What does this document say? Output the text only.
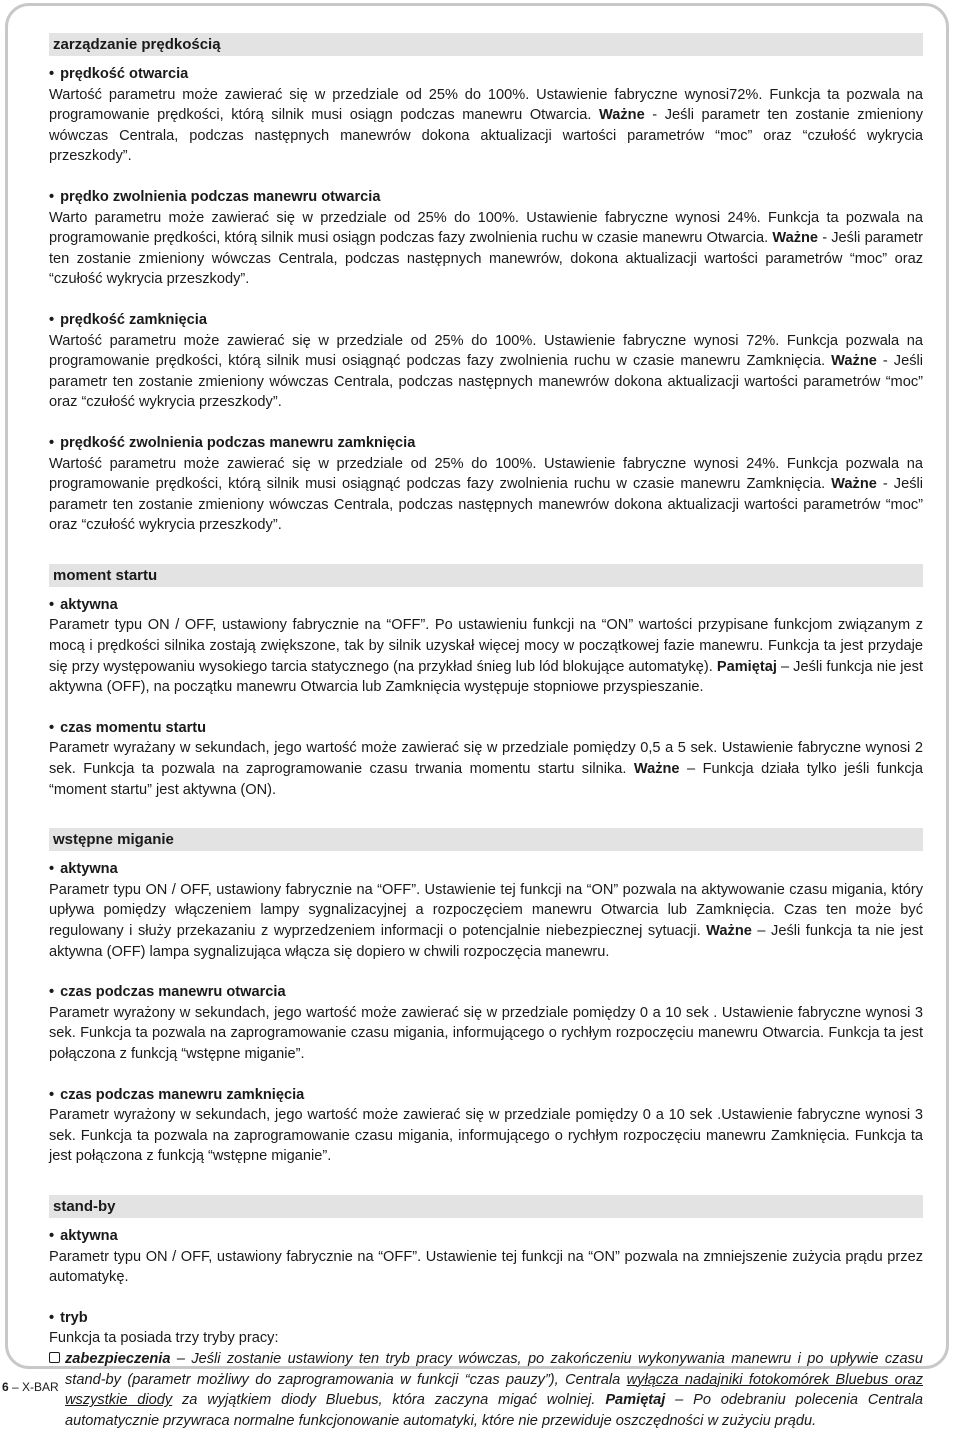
zarządzanie prędkością

• prędkość otwarcia

Wartość parametru może zawierać się w przedziale od 25% do 100%. Ustawienie fabryczne wynosi72%. Funkcja ta pozwala na programowanie prędkości, którą silnik musi osiągn podczas manewru Otwarcia. Ważne - Jeśli parametr ten zostanie zmieniony wówczas Centrala, podczas następnych manewrów dokona aktualizacji wartości parametrów “moc” oraz “czułość wykrycia przeszkody”.

• prędko zwolnienia podczas manewru otwarcia

Warto parametru może zawierać się w przedziale od 25% do 100%. Ustawienie fabryczne wynosi 24%. Funkcja ta pozwala na programowanie prędkości, którą silnik musi osiągn podczas fazy zwolnienia ruchu w czasie manewru Otwarcia. Ważne - Jeśli parametr ten zostanie zmieniony wówczas Centrala, podczas następnych manewrów, dokona aktualizacji wartości parametrów “moc” oraz “czułość wykrycia przeszkody”.

• prędkość zamknięcia

Wartość parametru może zawierać się w przedziale od 25% do 100%. Ustawienie fabryczne wynosi 72%. Funkcja pozwala na programowanie prędkości, którą silnik musi osiągnąć podczas fazy zwolnienia ruchu w czasie manewru Zamknięcia. Ważne - Jeśli parametr ten zostanie zmieniony wówczas Centrala, podczas następnych manewrów dokona aktualizacji wartości parametrów “moc” oraz “czułość wykrycia przeszkody”.

• prędkość zwolnienia podczas manewru zamknięcia

Wartość parametru może zawierać się w przedziale od 25% do 100%. Ustawienie fabryczne wynosi 24%. Funkcja pozwala na programowanie prędkości, którą silnik musi osiągnąć podczas fazy zwolnienia ruchu w czasie manewru Zamknięcia. Ważne - Jeśli parametr ten zostanie zmieniony wówczas Centrala, podczas następnych manewrów dokona aktualizacji wartości parametrów “moc” oraz “czułość wykrycia przeszkody”.

moment startu

• aktywna

Parametr typu ON / OFF, ustawiony fabrycznie na “OFF”. Po ustawieniu funkcji na “ON” wartości przypisane funkcjom związanym z mocą i prędkości silnika zostają zwiększone, tak by silnik uzyskał więcej mocy w początkowej fazie manewru. Funkcja ta jest przydaje się przy występowaniu wysokiego tarcia statycznego (na przykład śnieg lub lód blokujące automatykę). Pamiętaj – Jeśli funkcja nie jest aktywna (OFF), na początku manewru Otwarcia lub Zamknięcia występuje stopniowe przyspieszanie.

• czas momentu startu

Parametr wyrażany w sekundach, jego wartość może zawierać się w przedziale pomiędzy 0,5 a 5 sek. Ustawienie fabryczne wynosi 2 sek. Funkcja ta pozwala na zaprogramowanie czasu trwania momentu startu silnika. Ważne – Funkcja działa tylko jeśli funkcja “moment startu” jest aktywna (ON).

wstępne miganie

• aktywna

Parametr typu ON / OFF, ustawiony fabrycznie na “OFF”. Ustawienie tej funkcji na “ON” pozwala na aktywowanie czasu migania, który upływa pomiędzy włączeniem lampy sygnalizacyjnej a rozpoczęciem manewru Otwarcia lub Zamknięcia. Czas ten może być regulowany i służy przekazaniu z wyprzedzeniem informacji o potencjalnie niebezpiecznej sytuacji. Ważne – Jeśli funkcja ta nie jest aktywna (OFF) lampa sygnalizująca włącza się dopiero w chwili rozpoczęcia manewru.

• czas podczas manewru otwarcia

Parametr wyrażony w sekundach, jego wartość może zawierać się w przedziale pomiędzy 0 a 10 sek . Ustawienie fabryczne wynosi 3 sek. Funkcja ta pozwala na zaprogramowanie czasu migania, informującego o rychłym rozpoczęciu manewru Otwarcia. Funkcja ta jest połączona z funkcją “wstępne miganie”.

• czas podczas manewru zamknięcia

Parametr wyrażony w sekundach, jego wartość może zawierać się w przedziale pomiędzy 0 a 10 sek .Ustawienie fabryczne wynosi 3 sek. Funkcja ta pozwala na zaprogramowanie czasu migania, informującego o rychłym rozpoczęciu manewru Zamknięcia. Funkcja ta jest połączona z funkcją “wstępne miganie”.

stand-by

• aktywna

Parametr typu ON / OFF, ustawiony fabrycznie na “OFF”. Ustawienie tej funkcji na “ON” pozwala na zmniejszenie zużycia prądu przez automatykę.

• tryb

Funkcja ta posiada trzy tryby pracy:

zabezpieczenia – Jeśli zostanie ustawiony ten tryb pracy wówczas, po zakończeniu wykonywania manewru i po upływie czasu stand-by (parametr możliwy do zaprogramowania w funkcji “czas pauzy”), Centrala wyłącza nadajniki fotokomórek Bluebus oraz wszystkie diody za wyjątkiem diody Bluebus, która zaczyna migać wolniej. Pamiętaj – Po odebraniu polecenia Centrala automatycznie przywraca normalne funkcjonowanie automatyki, które nie przewiduje oszczędności w zużyciu prądu.

6 – X-BAR
